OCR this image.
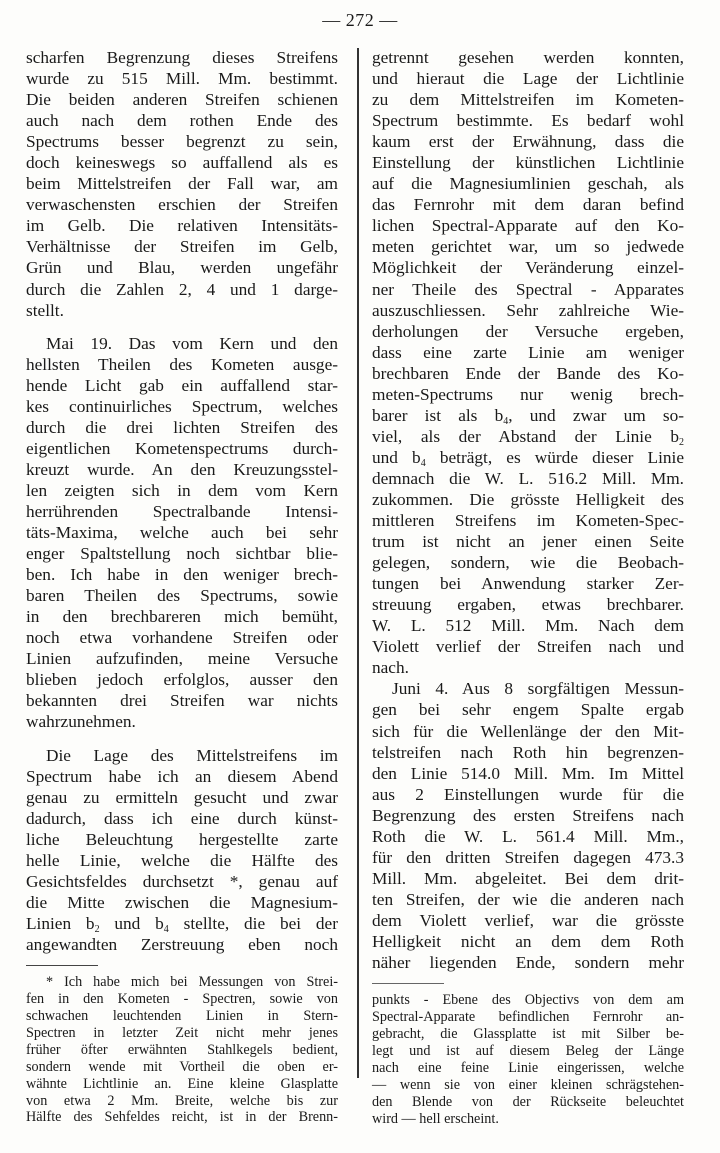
— 272 —
scharfen Begrenzung dieses Streifens
wurde zu 515 Mill. Mm. bestimmt.
Die beiden anderen Streifen schienen
auch nach dem rothen Ende des
Spectrums besser begrenzt zu sein,
doch keineswegs so auffallend als es
beim Mittelstreifen der Fall war, am
verwaschensten erschien der Streifen
im Gelb. Die relativen Intensitäts-
Verhältnisse der Streifen im Gelb,
Grün und Blau, werden ungefähr
durch die Zahlen 2, 4 und 1 darge-
stellt.
Mai 19. Das vom Kern und den
hellsten Theilen des Kometen ausge-
hende Licht gab ein auffallend star-
kes continuirliches Spectrum, welches
durch die drei lichten Streifen des
eigentlichen Kometenspectrums durch-
kreuzt wurde. An den Kreuzungsstel-
len zeigten sich in dem vom Kern
herrührenden Spectralbande Intensi-
täts-Maxima, welche auch bei sehr
enger Spaltstellung noch sichtbar blie-
ben. Ich habe in den weniger brech-
baren Theilen des Spectrums, sowie
in den brechbareren mich bemüht,
noch etwa vorhandene Streifen oder
Linien aufzufinden, meine Versuche
blieben jedoch erfolglos, ausser den
bekannten drei Streifen war nichts
wahrzunehmen.
Die Lage des Mittelstreifens im
Spectrum habe ich an diesem Abend
genau zu ermitteln gesucht und zwar
dadurch, dass ich eine durch künst-
liche Beleuchtung hergestellte zarte
helle Linie, welche die Hälfte des
Gesichtsfeldes durchsetzt *, genau auf
die Mitte zwischen die Magnesium-
Linien $b_2$ und $b_4$ stellte, die bei der
angewandten Zerstreuung eben noch
* Ich habe mich bei Messungen von Strei-
fen in den Kometen - Spectren, sowie von
schwachen leuchtenden Linien in Stern-
Spectren in letzter Zeit nicht mehr jenes
früher öfter erwähnten Stahlkegels bedient,
sondern wende mit Vortheil die oben er-
wähnte Lichtlinie an. Eine kleine Glasplatte
von etwa 2 Mm. Breite, welche bis zur
Hälfte des Sehfeldes reicht, ist in der Brenn-
getrennt gesehen werden konnten,
und hieraut die Lage der Lichtlinie
zu dem Mittelstreifen im Kometen-
Spectrum bestimmte. Es bedarf wohl
kaum erst der Erwähnung, dass die
Einstellung der künstlichen Lichtlinie
auf die Magnesiumlinien geschah, als
das Fernrohr mit dem daran befind
lichen Spectral-Apparate auf den Ko-
meten gerichtet war, um so jedwede
Möglichkeit der Veränderung einzel-
ner Theile des Spectral - Apparates
auszuschliessen. Sehr zahlreiche Wie-
derholungen der Versuche ergeben,
dass eine zarte Linie am weniger
brechbaren Ende der Bande des Ko-
meten-Spectrums nur wenig brech-
barer ist als $b_4$, und zwar um so-
viel, als der Abstand der Linie $b_2$
und $b_4$ beträgt, es würde dieser Linie
demnach die W. L. 516.2 Mill. Mm.
zukommen. Die grösste Helligkeit des
mittleren Streifens im Kometen-Spec-
trum ist nicht an jener einen Seite
gelegen, sondern, wie die Beobach-
tungen bei Anwendung starker Zer-
streuung ergaben, etwas brechbarer.
W. L. 512 Mill. Mm. Nach dem
Violett verlief der Streifen nach und
nach.
Juni 4. Aus 8 sorgfältigen Messun-
gen bei sehr engem Spalte ergab
sich für die Wellenlänge der den Mit-
telstreifen nach Roth hin begrenzen-
den Linie 514.0 Mill. Mm. Im Mittel
aus 2 Einstellungen wurde für die
Begrenzung des ersten Streifens nach
Roth die W. L. 561.4 Mill. Mm.,
für den dritten Streifen dagegen 473.3
Mill. Mm. abgeleitet. Bei dem drit-
ten Streifen, der wie die anderen nach
dem Violett verlief, war die grösste
Helligkeit nicht an dem dem Roth
näher liegenden Ende, sondern mehr
punkts - Ebene des Objectivs von dem am
Spectral-Apparate befindlichen Fernrohr an-
gebracht, die Glassplatte ist mit Silber be-
legt und ist auf diesem Beleg der Länge
nach eine feine Linie eingerissen, welche
— wenn sie von einer kleinen schrägstehen-
den Blende von der Rückseite beleuchtet
wird — hell erscheint.
